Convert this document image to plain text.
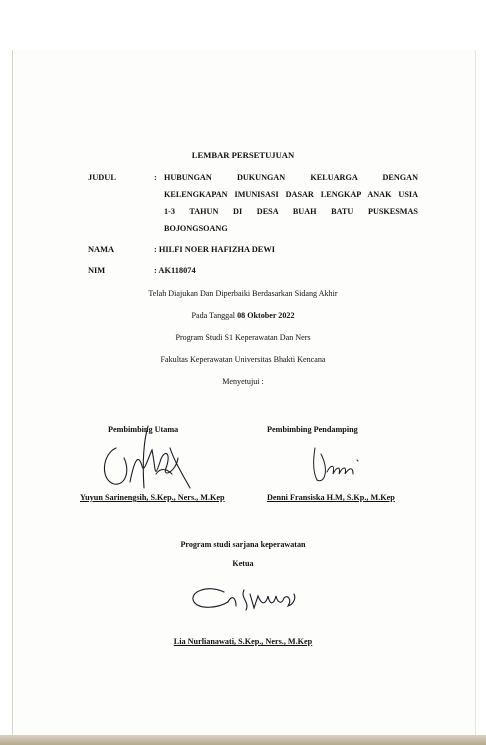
LEMBAR PERSETUJUAN
JUDUL	: HUBUNGAN DUKUNGAN KELUARGA DENGAN
KELENGKAPAN IMUNISASI DASAR LENGKAP ANAK USIA
1-3 TAHUN DI DESA BUAH BATU PUSKESMAS
BOJONGSOANG
NAMA	: HILFI NOER HAFIZHA DEWI
NIM	: AK118074
Telah Diajukan Dan Diperbaiki Berdasarkan Sidang Akhir
Pada Tanggal 08 Oktober 2022
Program Studi S1 Keperawatan Dan Ners
Fakultas Keperawatan Universitas Bhakti Kencana
Menyetujui :
Pembimbing Utama	Pembimbing Pendamping
Yuyun Sarinengsih, S.Kep., Ners., M.Kep	Denni Fransiska H.M, S.Kp., M.Kep
Program studi sarjana keperawatan
Ketua
Lia Nurlianawati, S.Kep., Ners., M.Kep
